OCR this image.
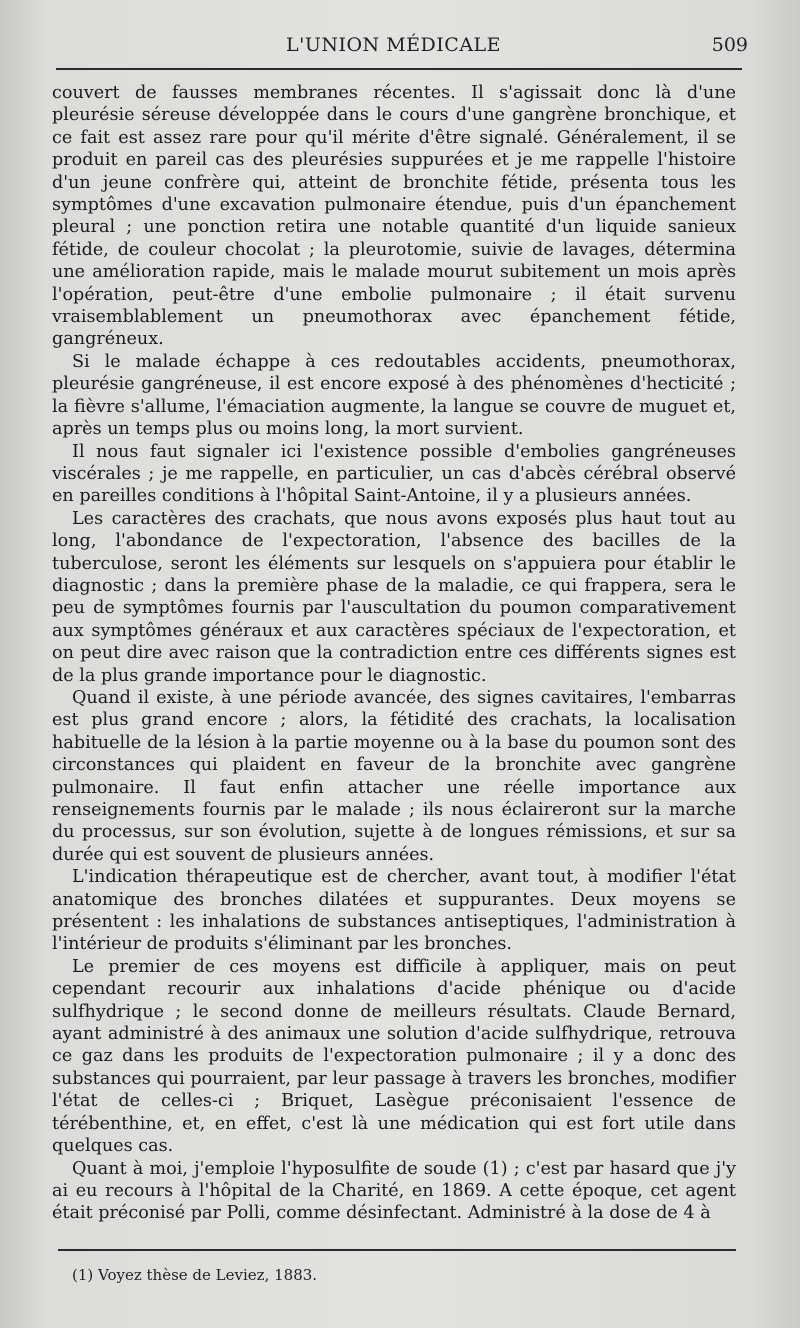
L'UNION MÉDICALE	509

couvert de fausses membranes récentes. Il s'agissait donc là d'une pleurésie séreuse développée dans le cours d'une gangrène bronchique, et ce fait est assez rare pour qu'il mérite d'être signalé. Généralement, il se produit en pareil cas des pleurésies suppurées et je me rappelle l'histoire d'un jeune confrère qui, atteint de bronchite fétide, présenta tous les symptômes d'une excavation pulmonaire étendue, puis d'un épanchement pleural ; une ponction retira une notable quantité d'un liquide sanieux fétide, de couleur chocolat ; la pleurotomie, suivie de lavages, détermina une amélioration rapide, mais le malade mourut subitement un mois après l'opération, peut-être d'une embolie pulmonaire ; il était survenu vraisemblablement un pneumothorax avec épanchement fétide, gangréneux.

Si le malade échappe à ces redoutables accidents, pneumothorax, pleurésie gangréneuse, il est encore exposé à des phénomènes d'hecticité ; la fièvre s'allume, l'émaciation augmente, la langue se couvre de muguet et, après un temps plus ou moins long, la mort survient.

Il nous faut signaler ici l'existence possible d'embolies gangréneuses viscérales ; je me rappelle, en particulier, un cas d'abcès cérébral observé en pareilles conditions à l'hôpital Saint-Antoine, il y a plusieurs années.

Les caractères des crachats, que nous avons exposés plus haut tout au long, l'abondance de l'expectoration, l'absence des bacilles de la tuberculose, seront les éléments sur lesquels on s'appuiera pour établir le diagnostic ; dans la première phase de la maladie, ce qui frappera, sera le peu de symptômes fournis par l'auscultation du poumon comparativement aux symptômes généraux et aux caractères spéciaux de l'expectoration, et on peut dire avec raison que la contradiction entre ces différents signes est de la plus grande importance pour le diagnostic.

Quand il existe, à une période avancée, des signes cavitaires, l'embarras est plus grand encore ; alors, la fétidité des crachats, la localisation habituelle de la lésion à la partie moyenne ou à la base du poumon sont des circonstances qui plaident en faveur de la bronchite avec gangrène pulmonaire. Il faut enfin attacher une réelle importance aux renseignements fournis par le malade ; ils nous éclaireront sur la marche du processus, sur son évolution, sujette à de longues rémissions, et sur sa durée qui est souvent de plusieurs années.

L'indication thérapeutique est de chercher, avant tout, à modifier l'état anatomique des bronches dilatées et suppurantes. Deux moyens se présentent : les inhalations de substances antiseptiques, l'administration à l'intérieur de produits s'éliminant par les bronches.

Le premier de ces moyens est difficile à appliquer, mais on peut cependant recourir aux inhalations d'acide phénique ou d'acide sulfhydrique ; le second donne de meilleurs résultats. Claude Bernard, ayant administré à des animaux une solution d'acide sulfhydrique, retrouva ce gaz dans les produits de l'expectoration pulmonaire ; il y a donc des substances qui pourraient, par leur passage à travers les bronches, modifier l'état de celles-ci ; Briquet, Lasègue préconisaient l'essence de térébenthine, et, en effet, c'est là une médication qui est fort utile dans quelques cas.

Quant à moi, j'emploie l'hyposulfite de soude (1) ; c'est par hasard que j'y ai eu recours à l'hôpital de la Charité, en 1869. A cette époque, cet agent était préconisé par Polli, comme désinfectant. Administré à la dose de 4 à

(1) Voyez thèse de Leviez, 1883.
